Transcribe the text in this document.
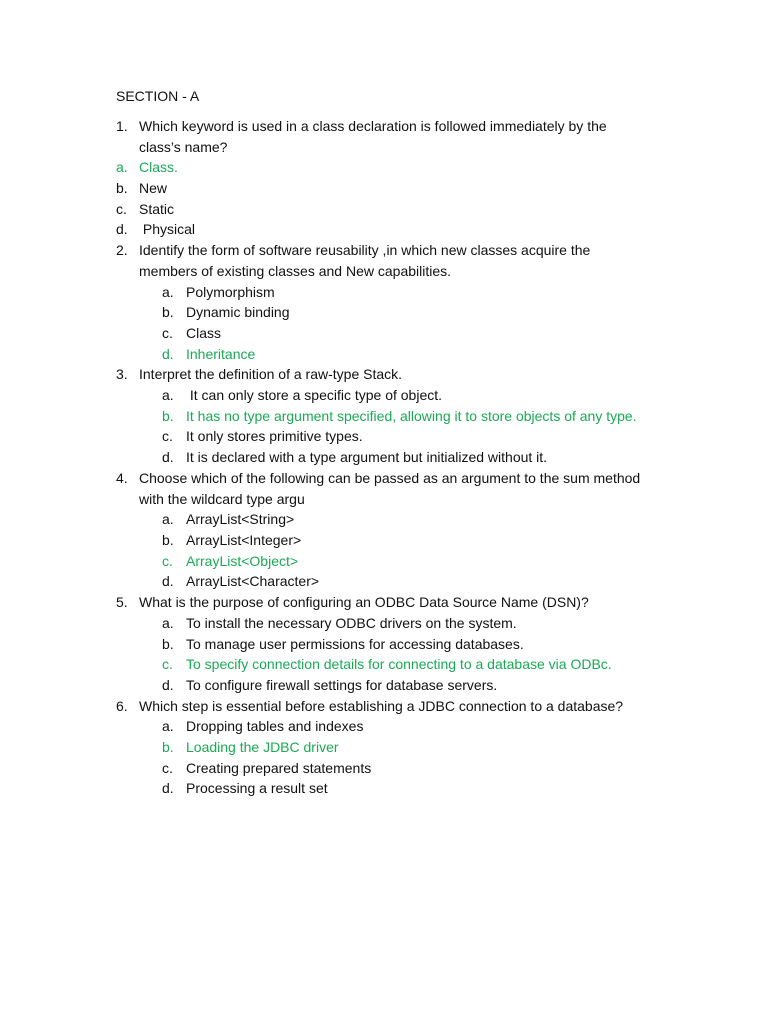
SECTION - A
1. Which keyword is used in a class declaration is followed immediately by the
class’s name?
a. Class.
b. New
c. Static
d. Physical
2. Identify the form of software reusability ,in which new classes acquire the
members of existing classes and New capabilities.
a. Polymorphism
b. Dynamic binding
c. Class
d. Inheritance
3. Interpret the definition of a raw-type Stack.
a. It can only store a specific type of object.
b. It has no type argument specified, allowing it to store objects of any type.
c. It only stores primitive types.
d. It is declared with a type argument but initialized without it.
4. Choose which of the following can be passed as an argument to the sum method
with the wildcard type argu
a. ArrayList<String>
b. ArrayList<Integer>
c. ArrayList<Object>
d. ArrayList<Character>
5. What is the purpose of configuring an ODBC Data Source Name (DSN)?
a. To install the necessary ODBC drivers on the system.
b. To manage user permissions for accessing databases.
c. To specify connection details for connecting to a database via ODBc.
d. To configure firewall settings for database servers.
6. Which step is essential before establishing a JDBC connection to a database?
a. Dropping tables and indexes
b. Loading the JDBC driver
c. Creating prepared statements
d. Processing a result set
